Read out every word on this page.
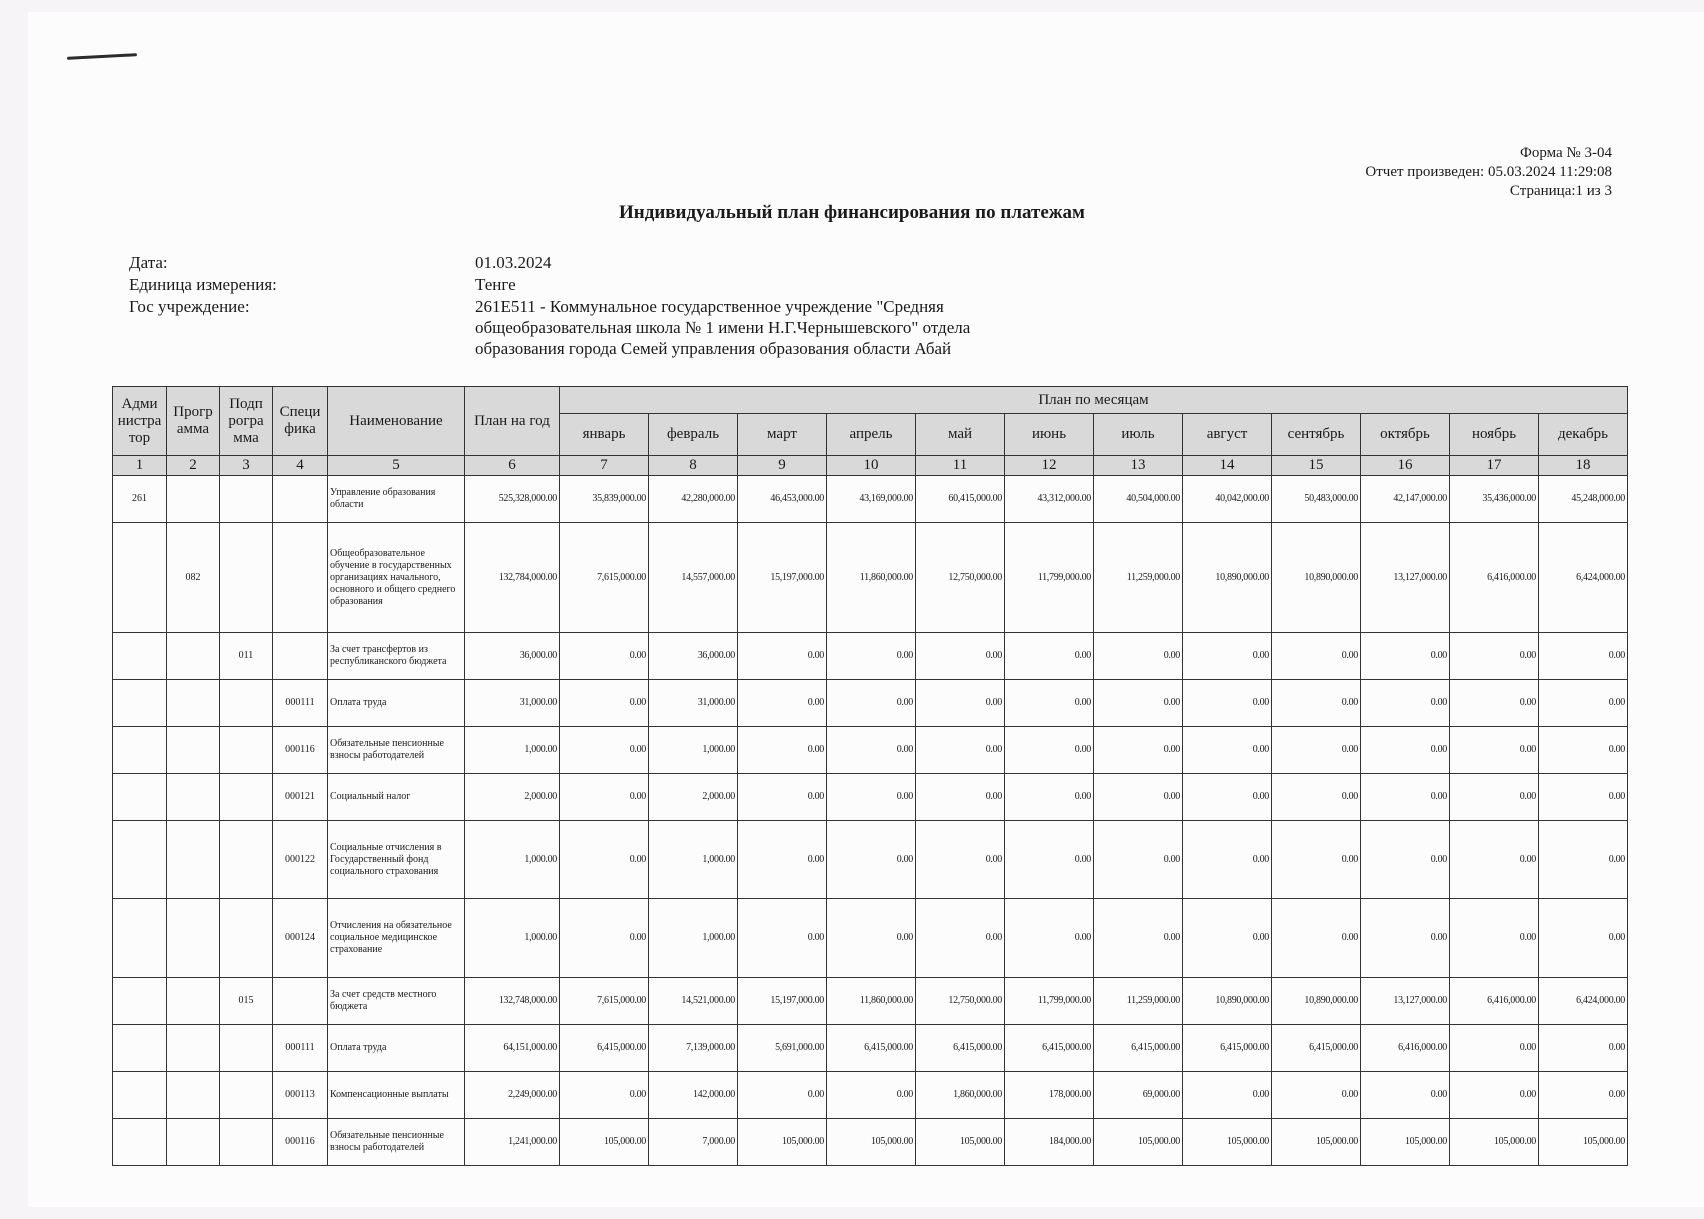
Форма № 3-04
Отчет произведен: 05.03.2024 11:29:08
Страница:1 из 3
Индивидуальный план финансирования по платежам
Дата:	01.03.2024
Единица измерения:	Тенге
Гос учреждение:	261E511 - Коммунальное государственное учреждение "Средняя
общеобразовательная школа № 1 имени Н.Г.Чернышевского" отдела
образования города Семей управления образования области Абай
Адми нистра тор	Прогр амма	Подп рогра мма	Специ фика	Наименование	План на год	План по месяцам											
						январь	февраль	март	апрель	май	июнь	июль	август	сентябрь	октябрь	ноябрь	декабрь
1	2	3	4	5	6	7	8	9	10	11	12	13	14	15	16	17	18
261				Управление образования области	525,328,000.00	35,839,000.00	42,280,000.00	46,453,000.00	43,169,000.00	60,415,000.00	43,312,000.00	40,504,000.00	40,042,000.00	50,483,000.00	42,147,000.00	35,436,000.00	45,248,000.00
	082			Общеобразовательное обучение в государственных организациях начального, основного и общего среднего образования	132,784,000.00	7,615,000.00	14,557,000.00	15,197,000.00	11,860,000.00	12,750,000.00	11,799,000.00	11,259,000.00	10,890,000.00	10,890,000.00	13,127,000.00	6,416,000.00	6,424,000.00
		011		За счет трансфертов из республиканского бюджета	36,000.00	0.00	36,000.00	0.00	0.00	0.00	0.00	0.00	0.00	0.00	0.00	0.00	0.00
			000111	Оплата труда	31,000.00	0.00	31,000.00	0.00	0.00	0.00	0.00	0.00	0.00	0.00	0.00	0.00	0.00
			000116	Обязательные пенсионные взносы работодателей	1,000.00	0.00	1,000.00	0.00	0.00	0.00	0.00	0.00	0.00	0.00	0.00	0.00	0.00
			000121	Социальный налог	2,000.00	0.00	2,000.00	0.00	0.00	0.00	0.00	0.00	0.00	0.00	0.00	0.00	0.00
			000122	Социальные отчисления в Государственный фонд социального страхования	1,000.00	0.00	1,000.00	0.00	0.00	0.00	0.00	0.00	0.00	0.00	0.00	0.00	0.00
			000124	Отчисления на обязательное социальное медицинское страхование	1,000.00	0.00	1,000.00	0.00	0.00	0.00	0.00	0.00	0.00	0.00	0.00	0.00	0.00
		015		За счет средств местного бюджета	132,748,000.00	7,615,000.00	14,521,000.00	15,197,000.00	11,860,000.00	12,750,000.00	11,799,000.00	11,259,000.00	10,890,000.00	10,890,000.00	13,127,000.00	6,416,000.00	6,424,000.00
			000111	Оплата труда	64,151,000.00	6,415,000.00	7,139,000.00	5,691,000.00	6,415,000.00	6,415,000.00	6,415,000.00	6,415,000.00	6,415,000.00	6,415,000.00	6,416,000.00	0.00	0.00
			000113	Компенсационные выплаты	2,249,000.00	0.00	142,000.00	0.00	0.00	1,860,000.00	178,000.00	69,000.00	0.00	0.00	0.00	0.00	0.00
			000116	Обязательные пенсионные взносы работодателей	1,241,000.00	105,000.00	7,000.00	105,000.00	105,000.00	105,000.00	184,000.00	105,000.00	105,000.00	105,000.00	105,000.00	105,000.00	105,000.00
